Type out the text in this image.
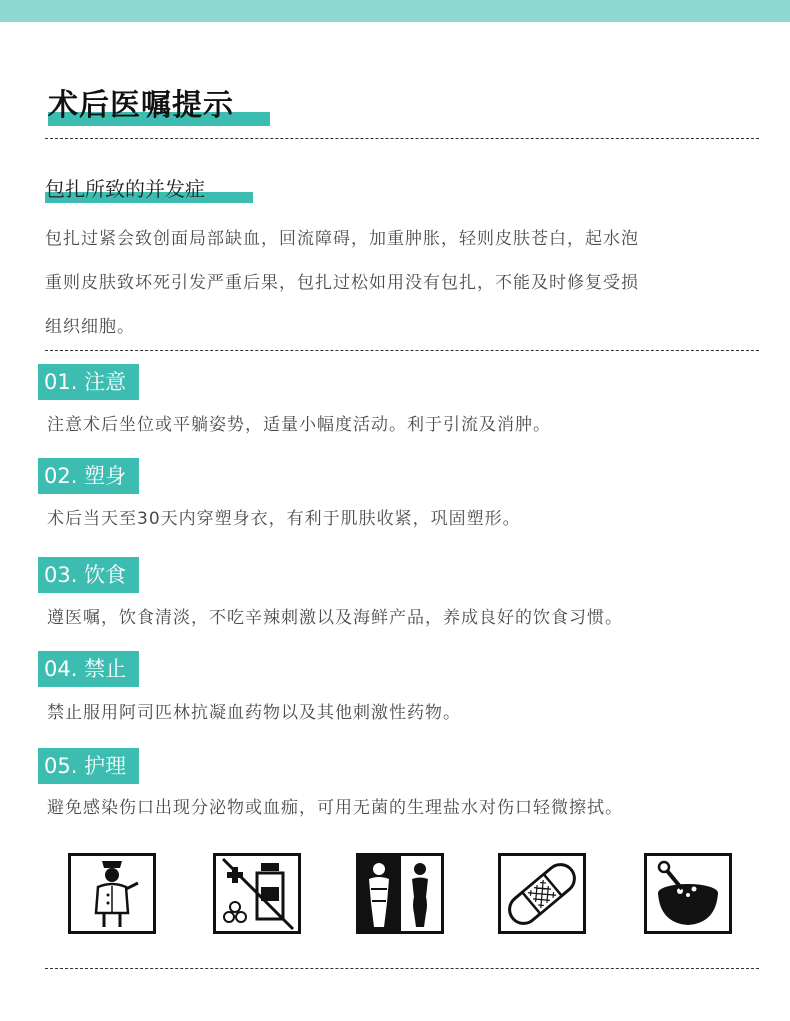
术后医嘱提示
包扎所致的并发症
包扎过紧会致创面局部缺血，回流障碍，加重肿胀，轻则皮肤苍白，起水泡
重则皮肤致坏死引发严重后果，包扎过松如用没有包扎，不能及时修复受损
组织细胞。
01. 注意
注意术后坐位或平躺姿势，适量小幅度活动。利于引流及消肿。
02. 塑身
术后当天至30天内穿塑身衣，有利于肌肤收紧，巩固塑形。
03. 饮食
遵医嘱，饮食清淡，不吃辛辣刺激以及海鲜产品，养成良好的饮食习惯。
04. 禁止
禁止服用阿司匹林抗凝血药物以及其他刺激性药物。
05. 护理
避免感染伤口出现分泌物或血痂，可用无菌的生理盐水对伤口轻微擦拭。
